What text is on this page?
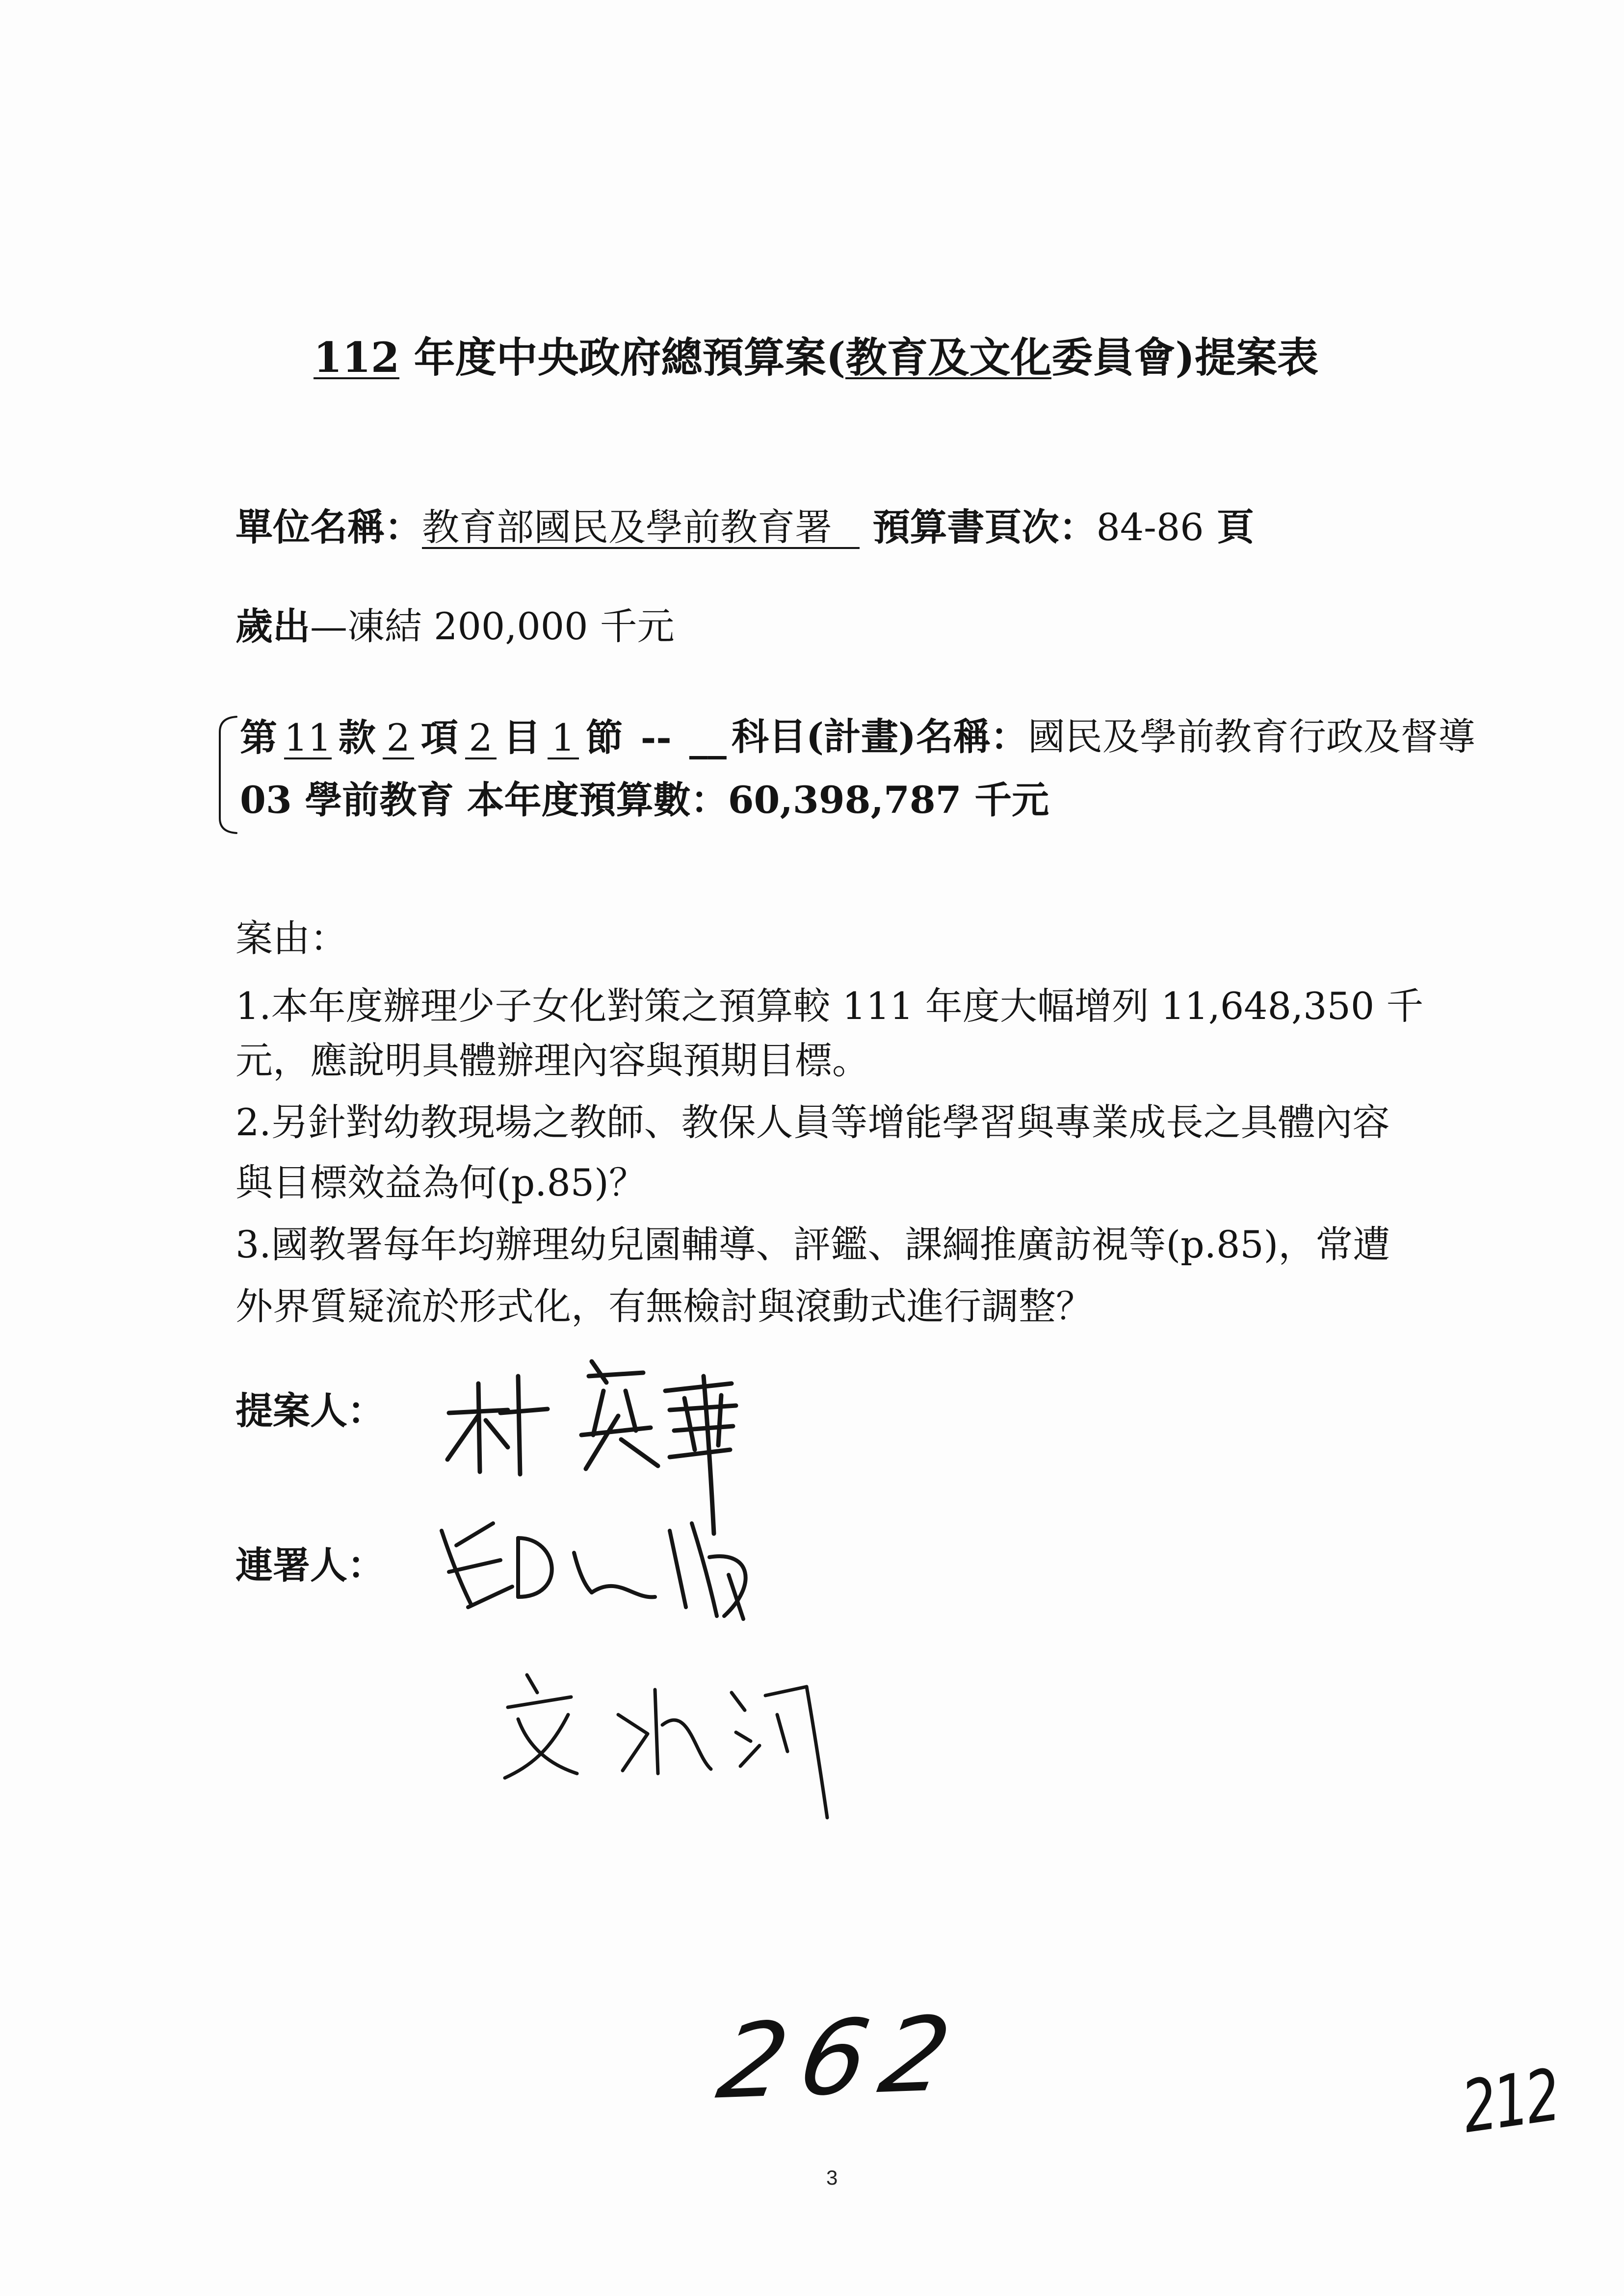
112 年度中央政府總預算案(教育及文化委員會)提案表
單位名稱：教育部國民及學前教育署 預算書頁次：84-86 頁
歲出—凍結 200,000 千元
第 11 款 2 項 2 目 1 節 -- __ 科目(計畫)名稱：國民及學前教育行政及督導
03 學前教育 本年度預算數：60,398,787 千元
案由：
1.本年度辦理少子女化對策之預算較 111 年度大幅增列 11,648,350 千
元，應說明具體辦理內容與預期目標。
2.另針對幼教現場之教師、教保人員等增能學習與專業成長之具體內容
與目標效益為何(p.85)？
3.國教署每年均辦理幼兒園輔導、評鑑、課綱推廣訪視等(p.85)，常遭
外界質疑流於形式化，有無檢討與滾動式進行調整？
提案人：
連署人：
262	212
3
